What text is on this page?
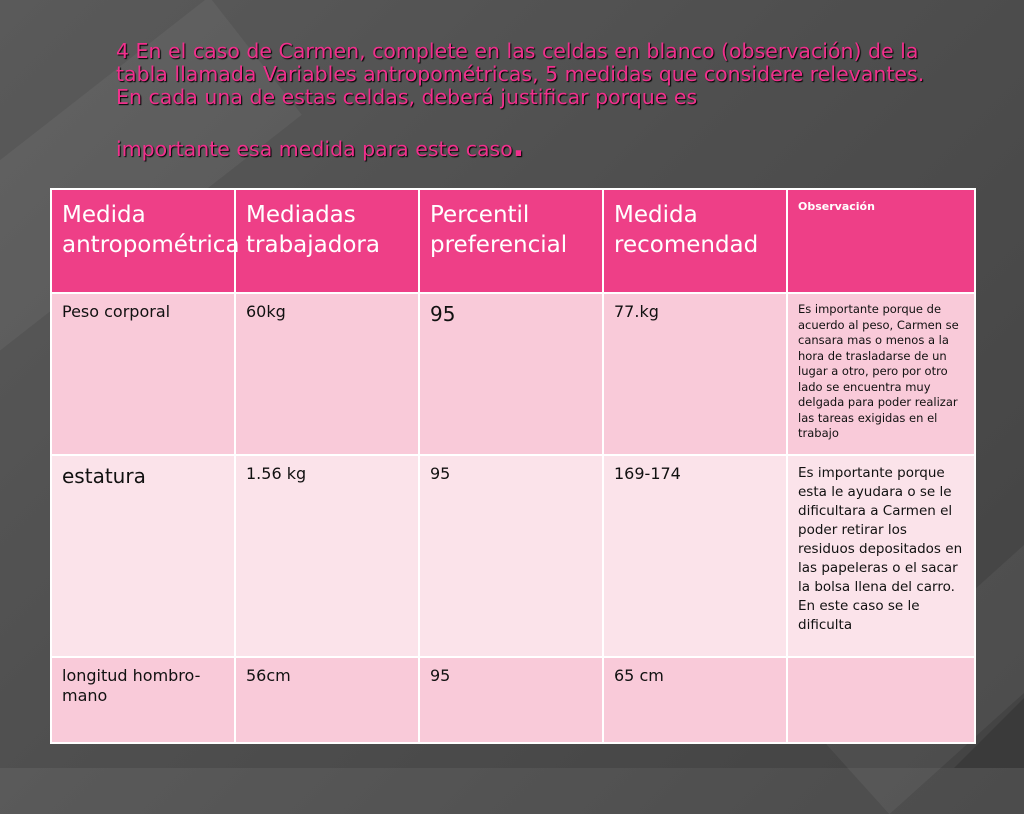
4 En el caso de Carmen, complete en las celdas en blanco (observación) de la tabla llamada Variables antropométricas, 5 medidas que considere relevantes. En cada una de estas celdas, deberá justificar porque es
importante esa medida para este caso.
Medida antropométrica	Mediadas trabajadora	Percentil preferencial	Medida recomendad	Observación
Peso corporal	60kg	95	77.kg	Es importante porque de acuerdo al peso, Carmen se cansara mas o menos a la hora de trasladarse de un lugar a otro, pero por otro lado se encuentra muy delgada para poder realizar las tareas exigidas en el trabajo
estatura	1.56 kg	95	169-174	Es importante porque esta le ayudara o se le dificultara a Carmen el poder retirar los residuos depositados en las papeleras o el sacar la bolsa llena del carro. En este caso se le dificulta
longitud hombro-mano	56cm	95	65 cm	
